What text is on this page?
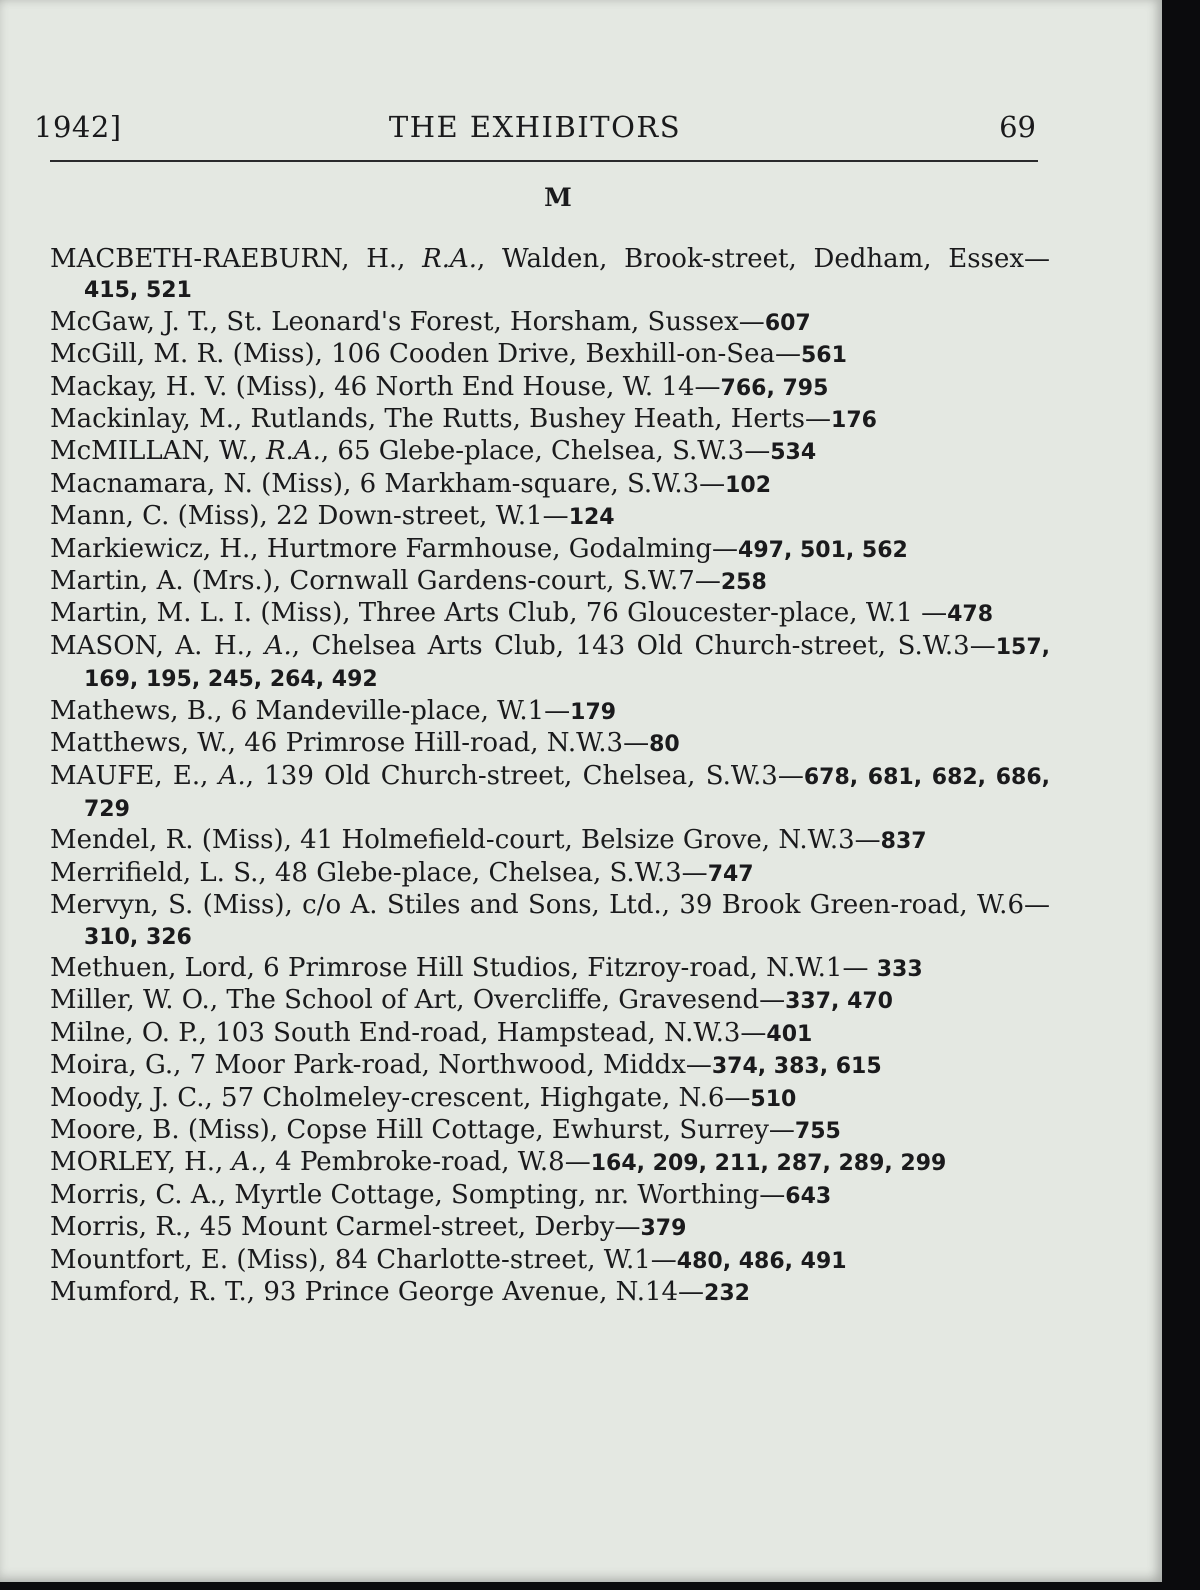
1942]	THE EXHIBITORS	69
M
MACBETH-RAEBURN, H., R.A., Walden, Brook-street, Dedham, Essex—415, 521
McGaw, J. T., St. Leonard's Forest, Horsham, Sussex—607
McGill, M. R. (Miss), 106 Cooden Drive, Bexhill-on-Sea—561
Mackay, H. V. (Miss), 46 North End House, W. 14—766, 795
Mackinlay, M., Rutlands, The Rutts, Bushey Heath, Herts—176
McMILLAN, W., R.A., 65 Glebe-place, Chelsea, S.W.3—534
Macnamara, N. (Miss), 6 Markham-square, S.W.3—102
Mann, C. (Miss), 22 Down-street, W.1—124
Markiewicz, H., Hurtmore Farmhouse, Godalming—497, 501, 562
Martin, A. (Mrs.), Cornwall Gardens-court, S.W.7—258
Martin, M. L. I. (Miss), Three Arts Club, 76 Gloucester-place, W.1 —478
MASON, A. H., A., Chelsea Arts Club, 143 Old Church-street, S.W.3—157, 169, 195, 245, 264, 492
Mathews, B., 6 Mandeville-place, W.1—179
Matthews, W., 46 Primrose Hill-road, N.W.3—80
MAUFE, E., A., 139 Old Church-street, Chelsea, S.W.3—678, 681, 682, 686, 729
Mendel, R. (Miss), 41 Holmefield-court, Belsize Grove, N.W.3—837
Merrifield, L. S., 48 Glebe-place, Chelsea, S.W.3—747
Mervyn, S. (Miss), c/o A. Stiles and Sons, Ltd., 39 Brook Green-road, W.6—310, 326
Methuen, Lord, 6 Primrose Hill Studios, Fitzroy-road, N.W.1— 333
Miller, W. O., The School of Art, Overcliffe, Gravesend—337, 470
Milne, O. P., 103 South End-road, Hampstead, N.W.3—401
Moira, G., 7 Moor Park-road, Northwood, Middx—374, 383, 615
Moody, J. C., 57 Cholmeley-crescent, Highgate, N.6—510
Moore, B. (Miss), Copse Hill Cottage, Ewhurst, Surrey—755
MORLEY, H., A., 4 Pembroke-road, W.8—164, 209, 211, 287, 289, 299
Morris, C. A., Myrtle Cottage, Sompting, nr. Worthing—643
Morris, R., 45 Mount Carmel-street, Derby—379
Mountfort, E. (Miss), 84 Charlotte-street, W.1—480, 486, 491
Mumford, R. T., 93 Prince George Avenue, N.14—232
